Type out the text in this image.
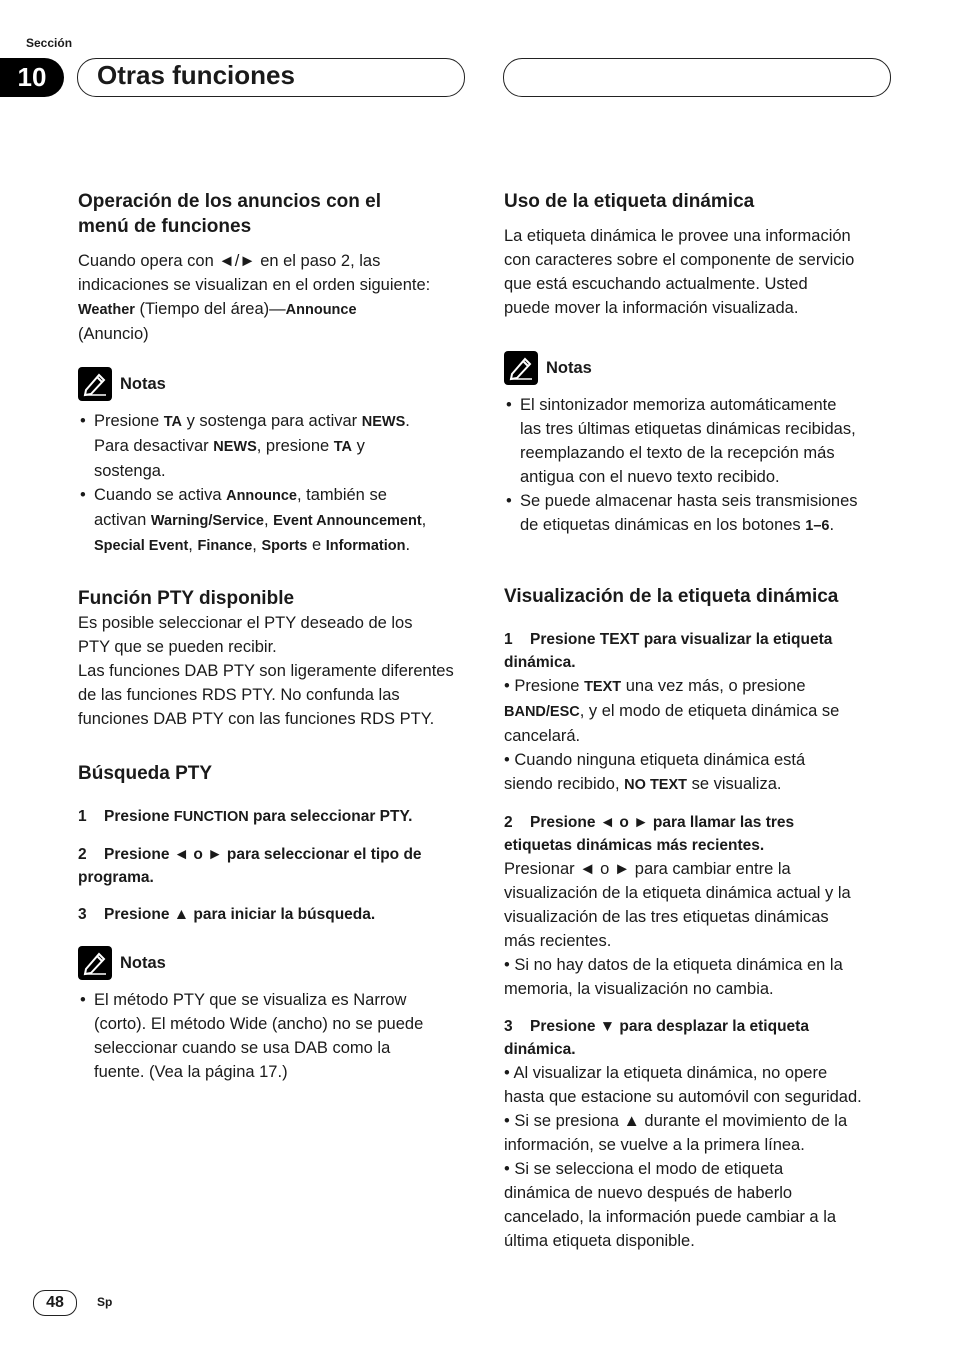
Sección
10	Otras funciones

Operación de los anuncios con el
menú de funciones

Cuando opera con ◄/► en el paso 2, las
indicaciones se visualizan en el orden siguiente:
Weather (Tiempo del área)—Announce
(Anuncio)

Notas

• Presione TA y sostenga para activar NEWS.
Para desactivar NEWS, presione TA y
sostenga.

• Cuando se activa Announce, también se
activan Warning/Service, Event Announcement,
Special Event, Finance, Sports e Information.

Función PTY disponible

Es posible seleccionar el PTY deseado de los
PTY que se pueden recibir.
Las funciones DAB PTY son ligeramente diferentes
de las funciones RDS PTY. No confunda las
funciones DAB PTY con las funciones RDS PTY.

Búsqueda PTY

1 Presione FUNCTION para seleccionar PTY.

2 Presione ◄ o ► para seleccionar el tipo de
programa.

3 Presione ▲ para iniciar la búsqueda.

Notas

• El método PTY que se visualiza es Narrow
(corto). El método Wide (ancho) no se puede
seleccionar cuando se usa DAB como la
fuente. (Vea la página 17.)

Uso de la etiqueta dinámica

La etiqueta dinámica le provee una información
con caracteres sobre el componente de servicio
que está escuchando actualmente. Usted
puede mover la información visualizada.

Notas

• El sintonizador memoriza automáticamente
las tres últimas etiquetas dinámicas recibidas,
reemplazando el texto de la recepción más
antigua con el nuevo texto recibido.

• Se puede almacenar hasta seis transmisiones
de etiquetas dinámicas en los botones 1–6.

Visualización de la etiqueta dinámica

1 Presione TEXT para visualizar la etiqueta
dinámica.

• Presione TEXT una vez más, o presione
BAND/ESC, y el modo de etiqueta dinámica se
cancelará.
• Cuando ninguna etiqueta dinámica está
siendo recibido, NO TEXT se visualiza.

2 Presione ◄ o ► para llamar las tres
etiquetas dinámicas más recientes.

Presionar ◄ o ► para cambiar entre la
visualización de la etiqueta dinámica actual y la
visualización de las tres etiquetas dinámicas
más recientes.
• Si no hay datos de la etiqueta dinámica en la
memoria, la visualización no cambia.

3 Presione ▼ para desplazar la etiqueta
dinámica.

• Al visualizar la etiqueta dinámica, no opere
hasta que estacione su automóvil con seguridad.
• Si se presiona ▲ durante el movimiento de la
información, se vuelve a la primera línea.
• Si se selecciona el modo de etiqueta
dinámica de nuevo después de haberlo
cancelado, la información puede cambiar a la
última etiqueta disponible.

48	Sp
